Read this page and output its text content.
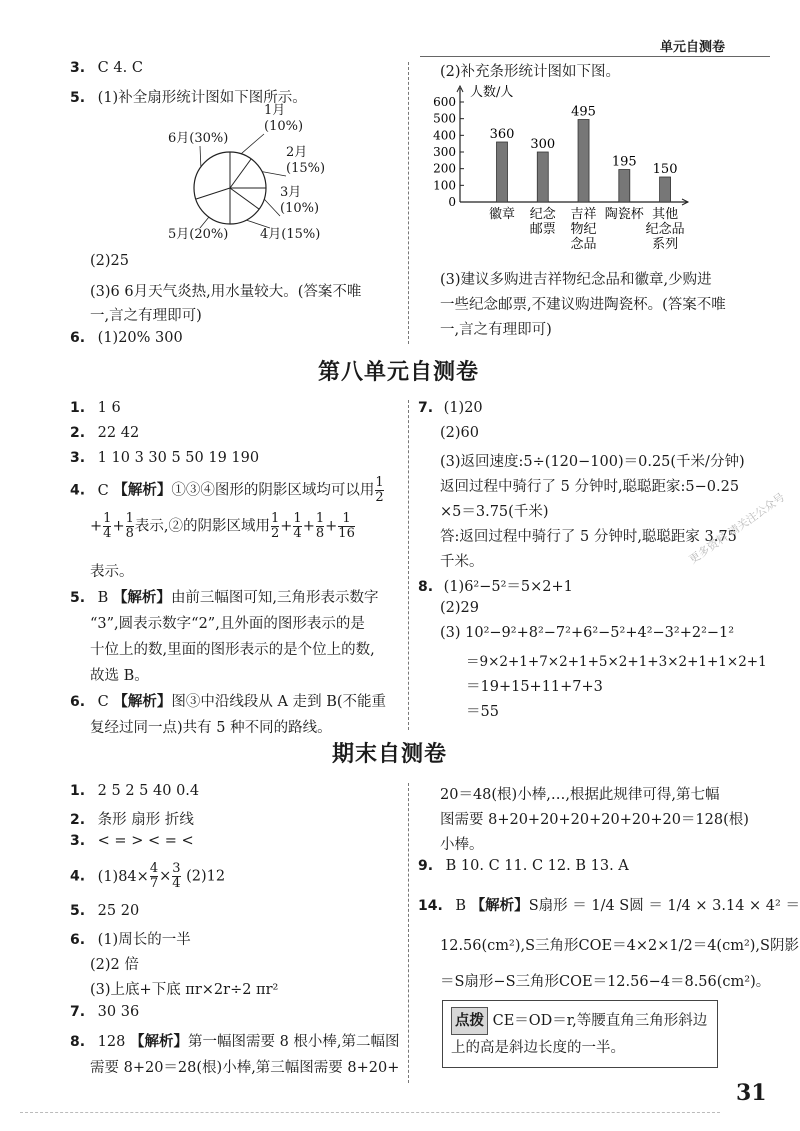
单元自测卷
3. C 4. C
5. (1)补全扇形统计图如下图所示。
1月
(10%)
2月
(15%)
3月
(10%)
4月(15%)
5月(20%)
6月(30%)
(2)25
(3)6 6月天气炎热,用水量较大。(答案不唯
一,言之有理即可)
6. (1)20% 300
(2)补充条形统计图如下图。
人数/人
0
100
200
300
400
500
600
360
徽章
300
纪念
邮票
495
吉祥
物纪
念品
195
陶瓷杯
150
其他
纪念品
系列
(3)建议多购进吉祥物纪念品和徽章,少购进
一些纪念邮票,不建议购进陶瓷杯。(答案不唯
一,言之有理即可)
第八单元自测卷
1. 1 6
2. 22 42
3. 1 10 3 30 5 50 19 190
4. C 【解析】①③④图形的阴影区域均可以用 $\frac{1}{2}$
+ $\frac{1}{4} + \frac{1}{8}$ 表示,②的阴影区域用 $\frac{1}{2} + \frac{1}{4} + \frac{1}{8} + \frac{1}{16}$
表示。
5. B 【解析】由前三幅图可知,三角形表示数字
“3”,圆表示数字“2”,且外面的图形表示的是
十位上的数,里面的图形表示的是个位上的数,
故选 B。
6. C 【解析】图③中沿线段从 A 走到 B(不能重
复经过同一点)共有 5 种不同的路线。
7. (1)20
(2)60
(3)返回速度:5÷(120−100)＝0.25(千米/分钟)
返回过程中骑行了 5 分钟时,聪聪距家:5−0.25
×5＝3.75(千米)
答:返回过程中骑行了 5 分钟时,聪聪距家 3.75
千米。
8. (1)6²−5²＝5×2+1
(2)29
(3) 10²−9²+8²−7²+6²−5²+4²−3²+2²−1²
＝9×2+1+7×2+1+5×2+1+3×2+1+1×2+1
＝19+15+11+7+3
＝55
更多资料 请关注公众号
期末自测卷
1. 2 5 2 5 40 0.4
2. 条形 扇形 折线
3. < = > < = <
4. $(1)84\times \frac{4}{7} \times \frac{3}{4} (2)12$
5. 25 20
6. (1)周长的一半
(2)2 倍
(3)上底+下底 πr×2r÷2 πr²
7. 30 36
8. 128 【解析】第一幅图需要 8 根小棒,第二幅图
需要 8+20＝28(根)小棒,第三幅图需要 8+20+
20＝48(根)小棒,…,根据此规律可得,第七幅
图需要 8+20+20+20+20+20+20＝128(根)
小棒。
9. B 10. C 11. C 12. B 13. A
14. B 【解析】S扇形 ＝ 1/4 S圆 ＝ 1/4 × 3.14 × 4² ＝
12.56(cm²),S三角形COE＝4×2×1/2＝4(cm²),S阴影
＝S扇形−S三角形COE＝12.56−4＝8.56(cm²)。
点拨 CE＝OD＝r,等腰直角三角形斜边上的高是斜边长度的一半。
31
